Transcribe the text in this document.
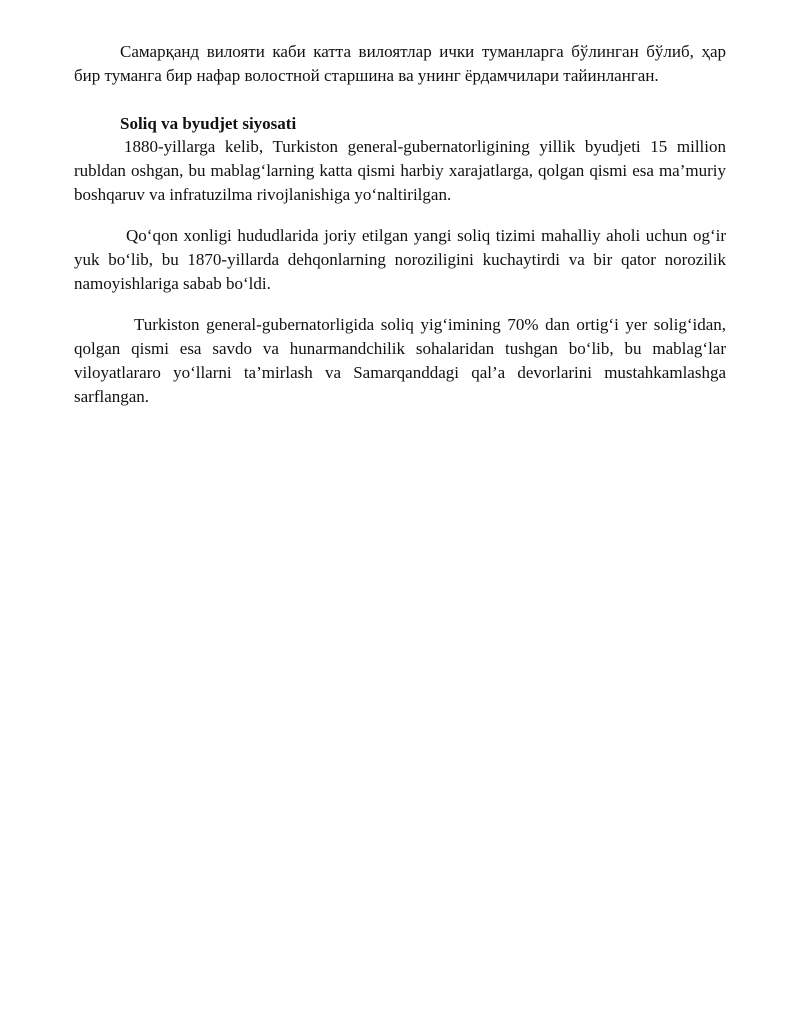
Самарқанд вилояти каби катта вилоятлар ички туманларга бўлинган бўлиб, ҳар бир туманга бир нафар волостной старшина ва унинг ёрдамчилари тайинланган.

Soliq va byudjet siyosati

1880-yillarga kelib, Turkiston general-gubernatorligining yillik byudjeti 15 million rubldan oshgan, bu mablag‘larning katta qismi harbiy xarajatlarga, qolgan qismi esa ma’muriy boshqaruv va infratuzilma rivojlanishiga yo‘naltirilgan.

Qo‘qon xonligi hududlarida joriy etilgan yangi soliq tizimi mahalliy aholi uchun og‘ir yuk bo‘lib, bu 1870-yillarda dehqonlarning noroziligini kuchaytirdi va bir qator norozilik namoyishlariga sabab bo‘ldi.

Turkiston general-gubernatorligida soliq yig‘imining 70% dan ortig‘i yer solig‘idan, qolgan qismi esa savdo va hunarmandchilik sohalaridan tushgan bo‘lib, bu mablag‘lar viloyatlararo yo‘llarni ta’mirlash va Samarqanddagi qal’a devorlarini mustahkamlashga sarflangan.
